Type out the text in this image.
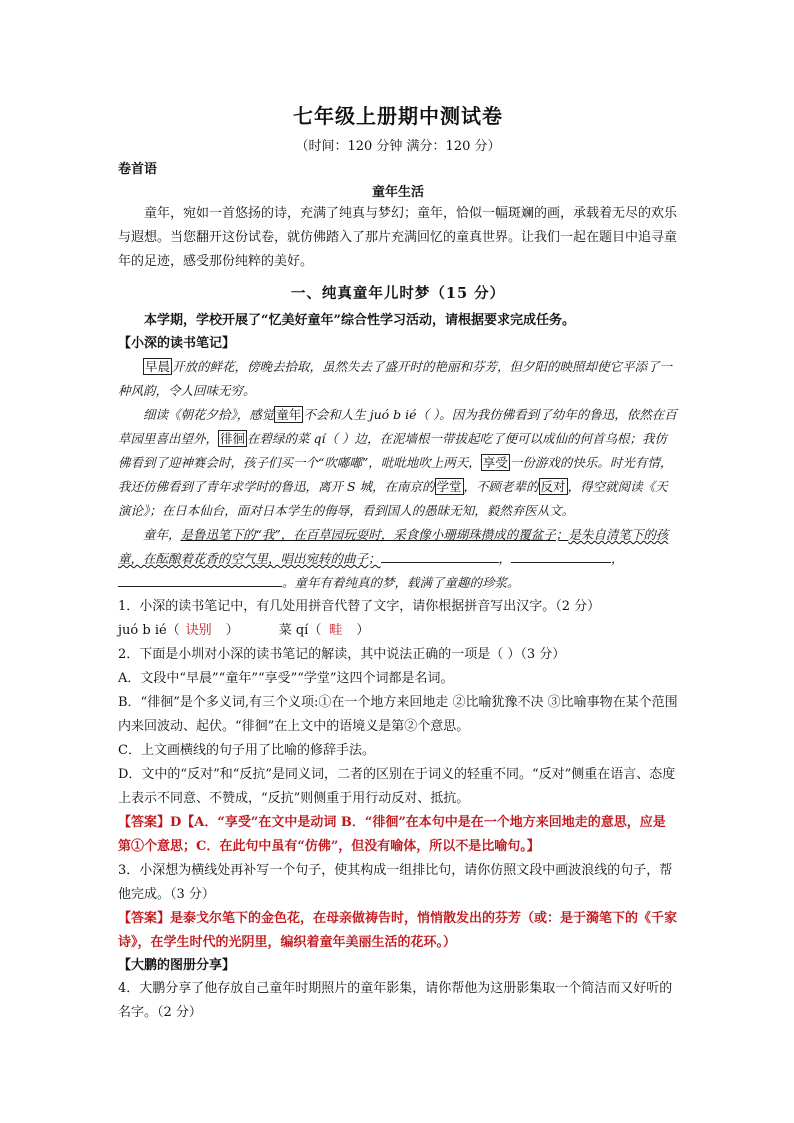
七年级上册期中测试卷

（时间：120 分钟 满分：120 分）

卷首语

童年生活

童年，宛如一首悠扬的诗，充满了纯真与梦幻；童年，恰似一幅斑斓的画，承载着无尽的欢乐与遐想。当您翻开这份试卷，就仿佛踏入了那片充满回忆的童真世界。让我们一起在题目中追寻童年的足迹，感受那份纯粹的美好。

一、纯真童年儿时梦（15 分）

本学期，学校开展了“忆美好童年”综合性学习活动，请根据要求完成任务。

【小深的读书笔记】

早晨 开放的鲜花，傍晚去拾取，虽然失去了盛开时的艳丽和芬芳，但夕阳的映照却使它平添了一种风韵，令人回味无穷。

细读《朝花夕拾》，感觉 童年 不会和人生 juó b ié（ ）。因为我仿佛看到了幼年的鲁迅，依然在百草园里喜出望外， 徘徊 在碧绿的菜 qí（ ）边，在泥墙根一带拔起吃了便可以成仙的何首乌根；我仿佛看到了迎神赛会时，孩子们买一个“吹嘟嘟”，吡吡地吹上两天， 享受 一份游戏的快乐。时光有情，我还仿佛看到了青年求学时的鲁迅，离开 S 城，在南京的 学堂 ，不顾老辈的 反对 ，得空就阅读《天演论》；在日本仙台，面对日本学生的侮辱，看到国人的愚昧无知，毅然弃医从文。

童年，是鲁迅笔下的“我”，在百草园玩耍时，采食像小珊瑚珠攒成的覆盆子；是朱自清笔下的孩童，在酝酿着花香的空气里，唱出宛转的曲子；	，	，。童年有着纯真的梦，载满了童趣的珍浆。

1．小深的读书笔记中，有几处用拼音代替了文字，请你根据拼音写出汉字。（2 分）

juó b ié（ 诀别 ）	菜 qí（ 畦 ）

2．下面是小圳对小深的读书笔记的解读，其中说法正确的一项是（ ）（3 分）

A．文段中“早晨”“童年”“享受”“学堂”这四个词都是名词。

B．“徘徊”是个多义词,有三个义项:①在一个地方来回地走 ②比喻犹豫不决 ③比喻事物在某个范围内来回波动、起伏。“徘徊”在上文中的语境义是第②个意思。

C．上文画横线的句子用了比喻的修辞手法。

D．文中的“反对”和“反抗”是同义词，二者的区别在于词义的轻重不同。“反对”侧重在语言、态度上表示不同意、不赞成，“反抗”则侧重于用行动反对、抵抗。

【答案】D【A．“享受”在文中是动词 B．“徘徊”在本句中是在一个地方来回地走的意思，应是第①个意思；C．在此句中虽有“仿佛”，但没有喻体，所以不是比喻句。】

3．小深想为横线处再补写一个句子，使其构成一组排比句，请你仿照文段中画波浪线的句子，帮他完成。（3 分）

【答案】是泰戈尔笔下的金色花，在母亲做祷告时，悄悄散发出的芬芳（或：是于漪笔下的《千家诗》，在学生时代的光阴里，编织着童年美丽生活的花环。）

【大鹏的图册分享】

4．大鹏分享了他存放自己童年时期照片的童年影集，请你帮他为这册影集取一个简洁而又好听的名字。（2 分）
